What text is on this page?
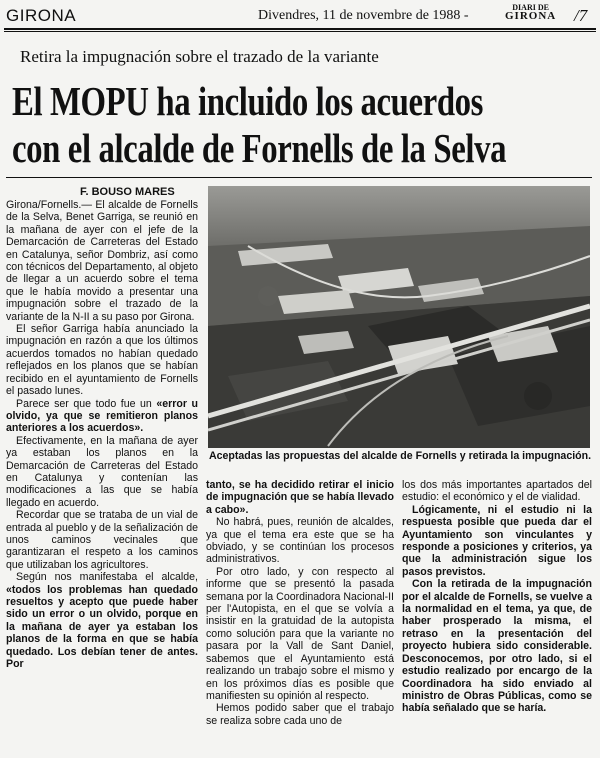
GIRONA	Divendres, 11 de novembre de 1988 -
DIARI DE
GIRONA /7
Retira la impugnación sobre el trazado de la variante
El MOPU ha incluido los acuerdos
con el alcalde de Fornells de la Selva
F. BOUSO MARES

Girona/Fornells.— El alcalde de Fornells de la Selva, Benet Garriga, se reunió en la mañana de ayer con el jefe de la Demarcación de Carreteras del Estado en Catalunya, señor Dombriz, así como con técnicos del Departamento, al objeto de llegar a un acuerdo sobre el tema que le había movido a presentar una impugnación sobre el trazado de la variante de la N-II a su paso por Girona.

El señor Garriga había anunciado la impugnación en razón a que los últimos acuerdos tomados no habían quedado reflejados en los planos que se habían recibido en el ayuntamiento de Fornells el pasado lunes.

Parece ser que todo fue un «error u olvido, ya que se remitieron planos anteriores a los acuerdos».

Efectivamente, en la mañana de ayer ya estaban los planos en la Demarcación de Carreteras del Estado en Catalunya y contenían las modificaciones a las que se había llegado en acuerdo.

Recordar que se trataba de un vial de entrada al pueblo y de la señalización de unos caminos vecinales que garantizaran el respeto a los caminos que utilizaban los agricultores.

Según nos manifestaba el alcalde, «todos los problemas han quedado resueltos y acepto que puede haber sido un error o un olvido, porque en la mañana de ayer ya estaban los planos de la forma en que se había quedado. Los debían tener de antes. Por

Aceptadas las propuestas del alcalde de Fornells y retirada la impugnación.

tanto, se ha decidido retirar el inicio de impugnación que se había llevado a cabo».

No habrá, pues, reunión de alcaldes, ya que el tema era este que se ha obviado, y se continúan los procesos administrativos.

Por otro lado, y con respecto al informe que se presentó la pasada semana por la Coordinadora Nacional-II per l'Autopista, en el que se volvía a insistir en la gratuidad de la autopista como solución para que la variante no pasara por la Vall de Sant Daniel, sabemos que el Ayuntamiento está realizando un trabajo sobre el mismo y en los próximos días es posible que manifiesten su opinión al respecto.

Hemos podido saber que el trabajo se realiza sobre cada uno de

los dos más importantes apartados del estudio: el económico y el de vialidad.

Lógicamente, ni el estudio ni la respuesta posible que pueda dar el Ayuntamiento son vinculantes y responde a posiciones y criterios, ya que la administración sigue los pasos previstos.

Con la retirada de la impugnación por el alcalde de Fornells, se vuelve a la normalidad en el tema, ya que, de haber prosperado la misma, el retraso en la presentación del proyecto hubiera sido considerable. Desconocemos, por otro lado, si el estudio realizado por encargo de la Coordinadora ha sido enviado al ministro de Obras Públicas, como se había señalado que se haría.
